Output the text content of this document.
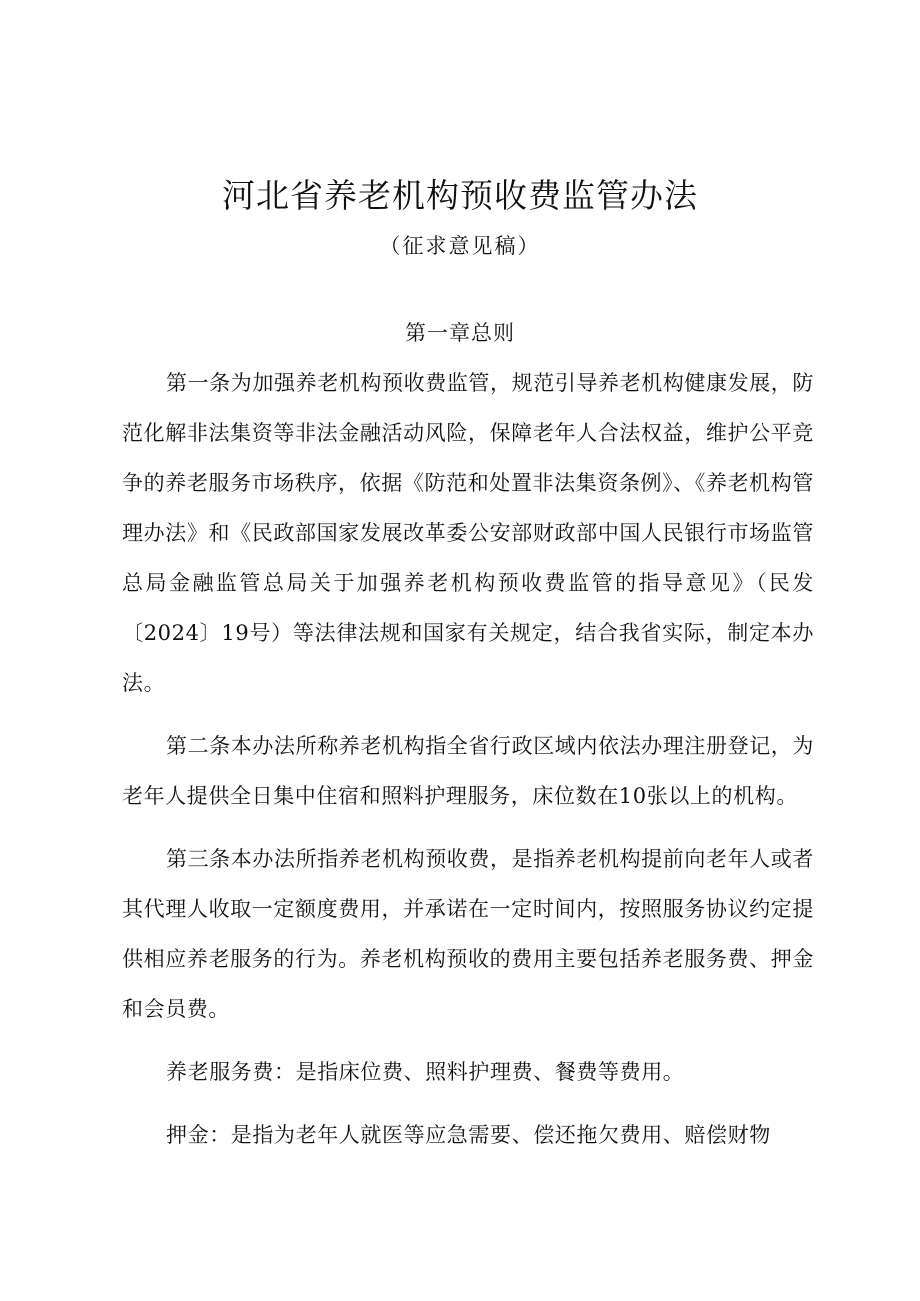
河北省养老机构预收费监管办法
（征求意见稿）
第一章总则

第一条为加强养老机构预收费监管，规范引导养老机构健康发展，防范化解非法集资等非法金融活动风险，保障老年人合法权益，维护公平竞争的养老服务市场秩序，依据《防范和处置非法集资条例》、《养老机构管理办法》和《民政部国家发展改革委公安部财政部中国人民银行市场监管总局金融监管总局关于加强养老机构预收费监管的指导意见》（民发〔2024〕19号）等法律法规和国家有关规定，结合我省实际，制定本办法。

第二条本办法所称养老机构指全省行政区域内依法办理注册登记，为老年人提供全日集中住宿和照料护理服务，床位数在10张以上的机构。

第三条本办法所指养老机构预收费，是指养老机构提前向老年人或者其代理人收取一定额度费用，并承诺在一定时间内，按照服务协议约定提供相应养老服务的行为。养老机构预收的费用主要包括养老服务费、押金和会员费。

养老服务费：是指床位费、照料护理费、餐费等费用。

押金：是指为老年人就医等应急需要、偿还拖欠费用、赔偿财物
